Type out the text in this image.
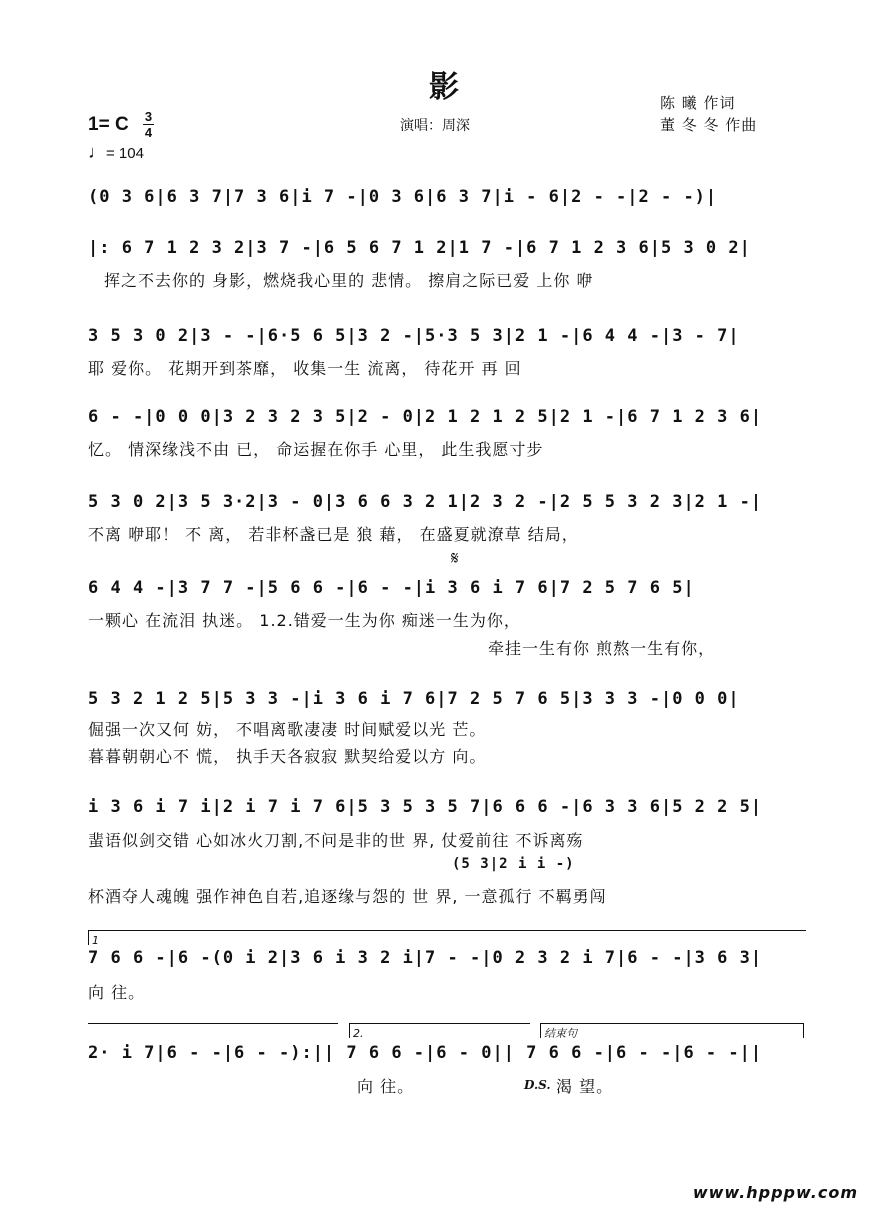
影
演唱：周深
陈 曦 作词
董 冬 冬 作曲
1= C 3
4
♩= 104
(0 3 6|6 3 7|7 3 6|i 7 -|0 3 6|6 3 7|i - 6|2 - -|2 - -)|
|: 6 7 1 2 3 2|3 7 -|6 5 6 7 1 2|1 7 -|6 7 1 2 3 6|5 3 0 2|
挥之不去你的 身影，燃烧我心里的 悲情。 擦肩之际已爱 上你 咿
3 5 3 0 2|3 - -|6·5 6 5|3 2 -|5·3 5 3|2 1 -|6 4 4 -|3 - 7|
耶 爱你。 花期开到茶靡， 收集一生 流离， 待花开 再 回
6 - -|0 0 0|3 2 3 2 3 5|2 - 0|2 1 2 1 2 5|2 1 -|6 7 1 2 3 6|
忆。 情深缘浅不由 已， 命运握在你手 心里， 此生我愿寸步
5 3 0 2|3 5 3·2|3 - 0|3 6 6 3 2 1|2 3 2 -|2 5 5 3 2 3|2 1 -|
不离 咿耶！ 不 离， 若非杯盏已是 狼 藉， 在盛夏就潦草 结局，
𝄋
6 4 4 -|3 7 7 -|5 6 6 -|6 - -|i 3 6 i 7 6|7 2 5 7 6 5|
一颗心 在流泪 执迷。 1.2.错爱一生为你 痴迷一生为你，
牵挂一生有你 煎熬一生有你，
5 3 2 1 2 5|5 3 3 -|i 3 6 i 7 6|7 2 5 7 6 5|3 3 3 -|0 0 0|
倔强一次又何 妨， 不唱离歌凄凄 时间赋爱以光 芒。
暮暮朝朝心不 慌， 执手天各寂寂 默契给爱以方 向。
i 3 6 i 7 i|2 i 7 i 7 6|5 3 5 3 5 7|6 6 6 -|6 3 3 6|5 2 2 5|
蜚语似剑交错 心如冰火刀割,不问是非的世 界, 仗爱前往 不诉离殇
(5 3|2 i i -)
杯酒夺人魂魄 强作神色自若,追逐缘与怨的 世 界, 一意孤行 不羁勇闯
1
7 6 6 -|6 -(0 i 2|3 6 i 3 2 i|7 - -|0 2 3 2 i 7|6 - -|3 6 3|
向 往。
2.	结束句
2· i 7|6 - -|6 - -):|| 7 6 6 -|6 - 0|| 7 6 6 -|6 - -|6 - -||
向 往。	D.S. 渴 望。
www.hpppw.com
